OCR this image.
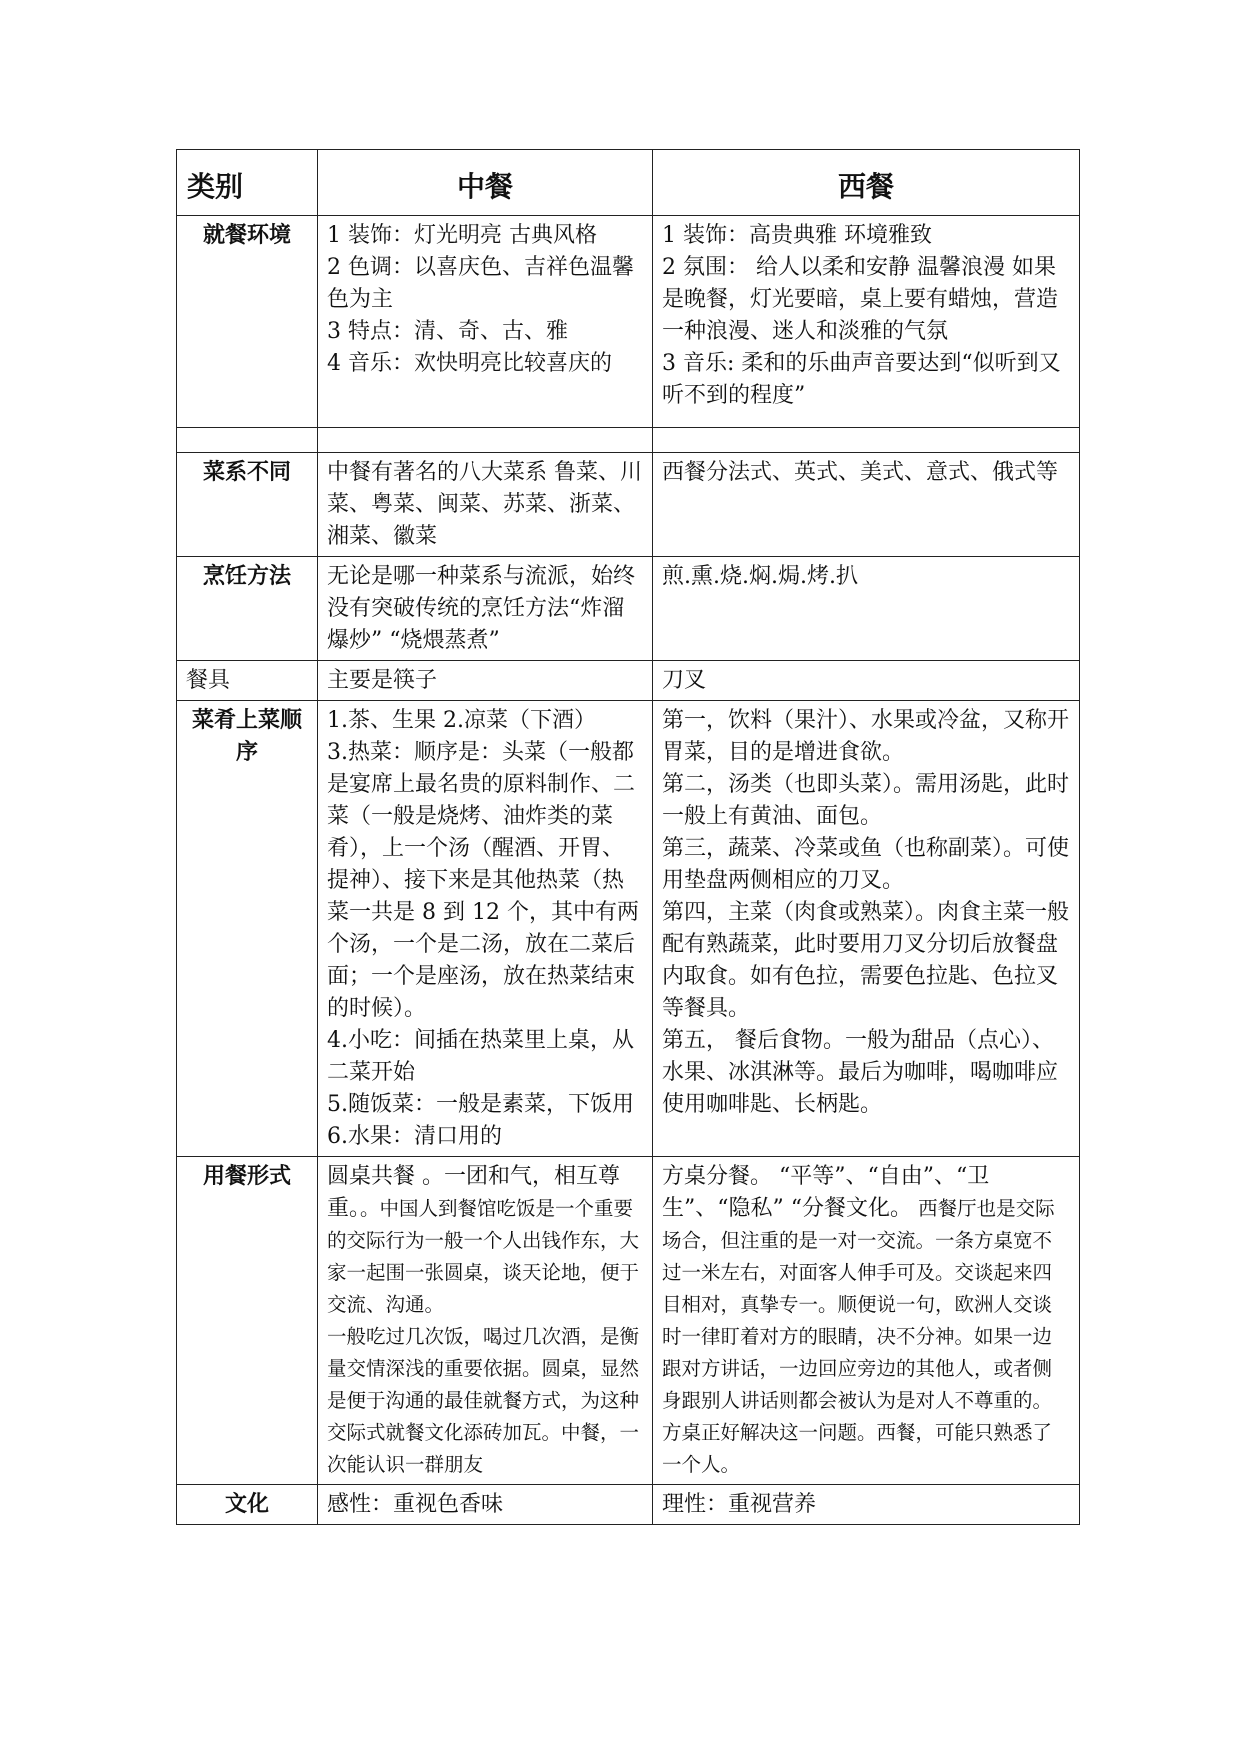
类别	中餐	西餐
就餐环境	1 装饰：灯光明亮 古典风格
2 色调：以喜庆色、吉祥色温馨色为主
3 特点：清、奇、古、雅
4 音乐：欢快明亮比较喜庆的	1 装饰：高贵典雅 环境雅致
2 氛围： 给人以柔和安静 温馨浪漫 如果是晚餐，灯光要暗，桌上要有蜡烛，营造一种浪漫、迷人和淡雅的气氛
3 音乐: 柔和的乐曲声音要达到“似听到又听不到的程度”

菜系不同	中餐有著名的八大菜系 鲁菜、川菜、粤菜、闽菜、苏菜、浙菜、湘菜、徽菜	西餐分法式、英式、美式、意式、俄式等

烹饪方法	无论是哪一种菜系与流派，始终没有突破传统的烹饪方法“炸溜爆炒” “烧煨蒸煮”	煎.熏.烧.焖.焗.烤.扒

餐具	主要是筷子	刀叉

菜肴上菜顺序	1.茶、生果 2.凉菜（下酒）
3.热菜：顺序是：头菜（一般都是宴席上最名贵的原料制作、二菜（一般是烧烤、油炸类的菜肴），上一个汤（醒酒、开胃、提神）、接下来是其他热菜（热菜一共是 8 到 12 个，其中有两个汤，一个是二汤，放在二菜后面；一个是座汤，放在热菜结束的时候）。
4.小吃：间插在热菜里上桌，从二菜开始
5.随饭菜：一般是素菜，下饭用
6.水果：清口用的	第一，饮料（果汁）、水果或冷盆，又称开胃菜，目的是增进食欲。
第二，汤类（也即头菜）。需用汤匙，此时一般上有黄油、面包。
第三，蔬菜、冷菜或鱼（也称副菜）。可使用垫盘两侧相应的刀叉。
第四，主菜（肉食或熟菜）。肉食主菜一般配有熟蔬菜，此时要用刀叉分切后放餐盘内取食。如有色拉，需要色拉匙、色拉叉等餐具。
第五， 餐后食物。一般为甜品（点心）、水果、冰淇淋等。最后为咖啡，喝咖啡应使用咖啡匙、长柄匙。

用餐形式	圆桌共餐 。一团和气，相互尊重。。中国人到餐馆吃饭是一个重要的交际行为一般一个人出钱作东，大家一起围一张圆桌，谈天论地，便于交流、沟通。
一般吃过几次饭，喝过几次酒，是衡量交情深浅的重要依据。圆桌，显然是便于沟通的最佳就餐方式，为这种交际式就餐文化添砖加瓦。中餐，一次能认识一群朋友	方桌分餐。 “平等”、“自由”、“卫生”、“隐私” “分餐文化。 西餐厅也是交际场合，但注重的是一对一交流。一条方桌宽不过一米左右，对面客人伸手可及。交谈起来四目相对，真挚专一。顺便说一句，欧洲人交谈时一律盯着对方的眼睛，决不分神。如果一边跟对方讲话，一边回应旁边的其他人，或者侧身跟别人讲话则都会被认为是对人不尊重的。方桌正好解决这一问题。西餐，可能只熟悉了一个人。
文化	感性：重视色香味	理性：重视营养
